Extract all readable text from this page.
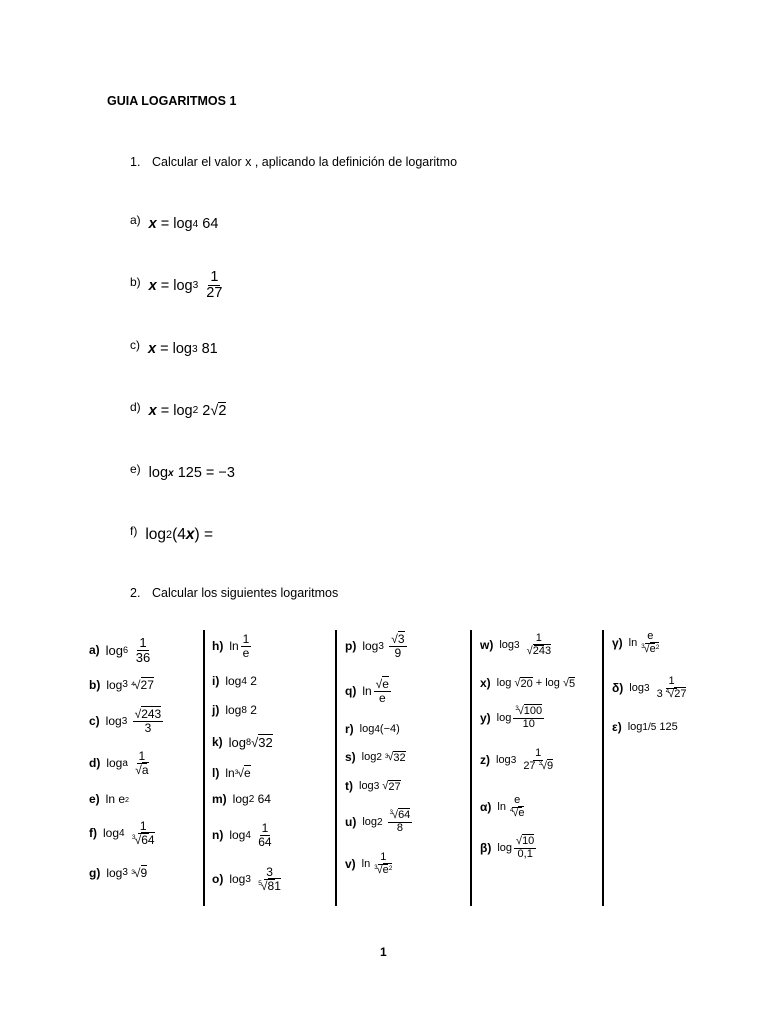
GUIA LOGARITMOS 1
1. Calcular el valor x , aplicando la definición de logaritmo
a) x = log 4 64
b) x = log 3
$\frac{1}{27}$
c) x = log 3 81
d) x = log 2 2√ 2
e) $\log_x 125 = -3$
f) $\log_2 (4$ x ) =
2. Calcular los siguientes logaritmos
a) log 6
$\frac{1}{36}$
b) log 3
4 √ 27
c) log 3
$\frac{√243}{3}$
d) log a
$\frac{1}{√a}$
e) ln e 2
f) log 4
$\frac{1}{^3√64}$
g) log 3
3 √ 9
h) $\ln \frac{1}{e}$
i) log 4 2
j) log 8 2
k) log 8 √ 32
l) ln 3 √ e
m) log 2 64
n) log 4
$\frac{1}{64}$
o) log 3
$\frac{3}{^5√81}$
p) log 3
$\frac{√3}{9}$
q) $\ln \frac{√e}{e}$
r) log 4 (−4)
s) log 2
3 √ 32
t) log 3 √ 27
u) log 2
$\frac{^3√64}{8}$
v) $\ln \frac{1}{^3√e^2}$
w) log 3
$\frac{1}{√243}$
x) log √ 20 + log √ 5
y) $\log \frac{^3√100}{10}$
z) log 3
$\frac{1}{27 ^3√9}$
α) $\ln \frac{e}{^4√e}$
β) $\log \frac{√10}{0,1}$
γ) $\ln \frac{e}{^3√e^2}$
δ) log 3
$\frac{1}{3 ^4√27}$
ε) log 1/5 125
1
